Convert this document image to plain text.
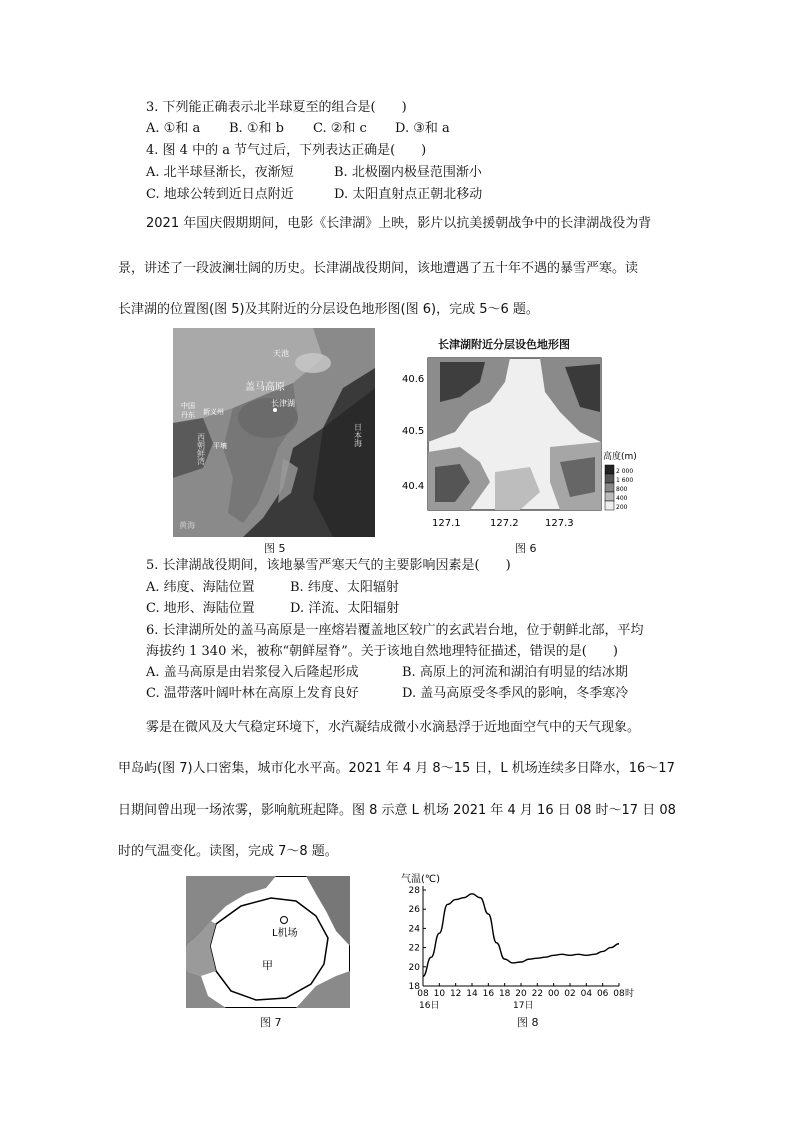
3. 下列能正确表示北半球夏至的组合是(　　)
A. ①和 a B. ①和 b C. ②和 c D. ③和 a
4. 图 4 中的 a 节气过后，下列表达正确是(　　)
A. 北半球昼渐长，夜渐短	B. 北极圈内极昼范围渐小
C. 地球公转到近日点附近	D. 太阳直射点正朝北移动
2021 年国庆假期期间，电影《长津湖》上映，影片以抗美援朝战争中的长津湖战役为背
景，讲述了一段波澜壮阔的历史。长津湖战役期间，该地遭遇了五十年不遇的暴雪严寒。读
长津湖的位置图(图 5)及其附近的分层设色地形图(图 6)，完成 5～6 题。
天池
盖马高原
长津湖
中国
丹东 新义州
平壤	日本海
西朝鲜湾
黄海
图 5
长津湖附近分层设色地形图
40.6
40.5
40.4
127.1	127.2	127.3
高度(m)
2 000
1 600
800
400
200
图 6
5. 长津湖战役期间，该地暴雪严寒天气的主要影响因素是(　　)
A. 纬度、海陆位置	B. 纬度、太阳辐射
C. 地形、海陆位置	D. 洋流、太阳辐射
6. 长津湖所处的盖马高原是一座熔岩覆盖地区较广的玄武岩台地，位于朝鲜北部，平均
海拔约 1 340 米，被称“朝鲜屋脊”。关于该地自然地理特征描述，错误的是(　　)
A. 盖马高原是由岩浆侵入后隆起形成	B. 高原上的河流和湖泊有明显的结冰期
C. 温带落叶阔叶林在高原上发育良好	D. 盖马高原受冬季风的影响，冬季寒冷
雾是在微风及大气稳定环境下，水汽凝结成微小水滴悬浮于近地面空气中的天气现象。
甲岛屿(图 7)人口密集，城市化水平高。2021 年 4 月 8～15 日，L 机场连续多日降水，16～17
日期间曾出现一场浓雾，影响航班起降。图 8 示意 L 机场 2021 年 4 月 16 日 08 时～17 日 08
时的气温变化。读图，完成 7～8 题。
L机场
甲
图 7
气温(℃)
18
20
22
24
26
28
08 10 12 14 16 18 20 22 00 02 04 06 08 时
16日	17日
图 8
